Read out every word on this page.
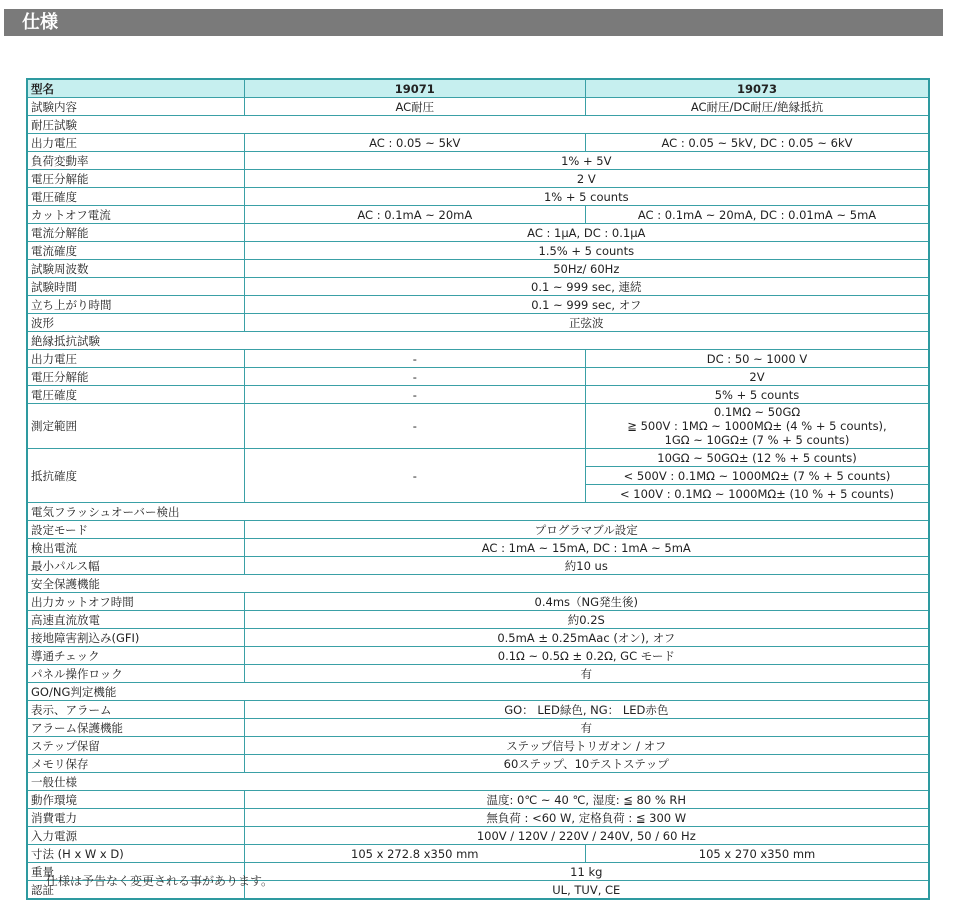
仕様
型名	19071	19073
試験内容	AC耐圧	AC耐圧/DC耐圧/絶縁抵抗
耐圧試験		
出力電圧	AC : 0.05 ~ 5kV	AC : 0.05 ~ 5kV, DC : 0.05 ~ 6kV
負荷変動率	1% + 5V	
電圧分解能	2 V	
電圧確度	1% + 5 counts	
カットオフ電流	AC : 0.1mA ~ 20mA	AC : 0.1mA ~ 20mA, DC : 0.01mA ~ 5mA
電流分解能	AC : 1μA, DC : 0.1μA	
電流確度	1.5% + 5 counts	
試験周波数	50Hz/ 60Hz	
試験時間	0.1 ~ 999 sec, 連続	
立ち上がり時間	0.1 ~ 999 sec, オフ	
波形	正弦波	
絶縁抵抗試験		
出力電圧	-	DC : 50 ~ 1000 V
電圧分解能	-	2V
電圧確度	-	5% + 5 counts
測定範囲	-	0.1MΩ ~ 50GΩ
≧ 500V : 1MΩ ~ 1000MΩ± (4 % + 5 counts),
1GΩ ~ 10GΩ± (7 % + 5 counts)

抵抗確度	-	10GΩ ~ 50GΩ± (12 % + 5 counts)
		< 500V : 0.1MΩ ~ 1000MΩ± (7 % + 5 counts)
		< 100V : 0.1MΩ ~ 1000MΩ± (10 % + 5 counts)
電気フラッシュオーバー検出		
設定モード	プログラマブル設定	
検出電流	AC : 1mA ~ 15mA, DC : 1mA ~ 5mA	
最小パルス幅	約10 us	
安全保護機能		
出力カットオフ時間	0.4ms（NG発生後)	
高速直流放電	約0.2S	
接地障害割込み(GFI)	0.5mA ± 0.25mAac (オン), オフ	
導通チェック	0.1Ω ~ 0.5Ω ± 0.2Ω, GC モード	
パネル操作ロック	有	
GO/NG判定機能		
表示、アラーム	GO： LED緑色, NG： LED赤色	
アラーム保護機能	有	
ステップ保留	ステップ信号トリガオン / オフ	
メモリ保存	60ステップ、10テストステップ	
一般仕様		
動作環境	温度: 0℃ ~ 40 ℃, 湿度: ≦ 80 % RH	
消費電力	無負荷 : <60 W, 定格負荷 : ≦ 300 W	
入力電源	100V / 120V / 220V / 240V, 50 / 60 Hz	
寸法 (H x W x D)	105 x 272.8 x350 mm	105 x 270 x350 mm
重量	11 kg	
認証	UL, TUV, CE	
仕様は予告なく変更される事があります。
